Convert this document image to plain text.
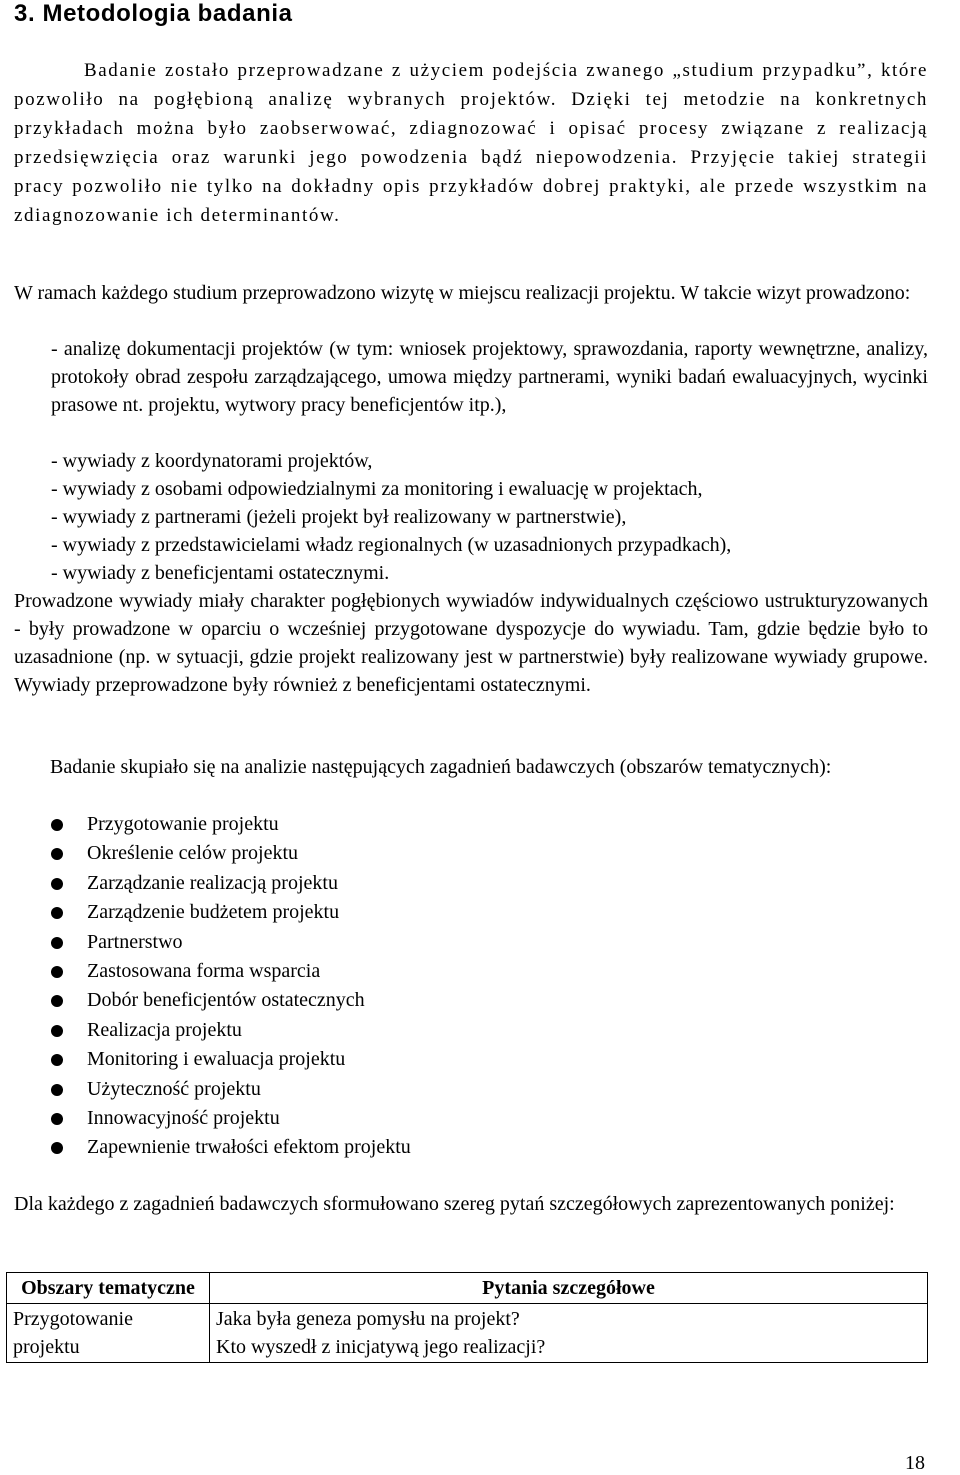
3. Metodologia badania
Badanie zostało przeprowadzane z użyciem podejścia zwanego „studium przypadku”, które pozwoliło na pogłębioną analizę wybranych projektów. Dzięki tej metodzie na konkretnych przykładach można było zaobserwować, zdiagnozować i opisać procesy związane z realizacją przedsięwzięcia oraz warunki jego powodzenia bądź niepowodzenia. Przyjęcie takiej strategii pracy pozwoliło nie tylko na dokładny opis przykładów dobrej praktyki, ale przede wszystkim na zdiagnozowanie ich determinantów.
W ramach każdego studium przeprowadzono wizytę w miejscu realizacji projektu. W takcie wizyt prowadzono:
- analizę dokumentacji projektów (w tym: wniosek projektowy, sprawozdania, raporty wewnętrzne, analizy, protokoły obrad zespołu zarządzającego, umowa między partnerami, wyniki badań ewaluacyjnych, wycinki prasowe nt. projektu, wytwory pracy beneficjentów itp.),
- wywiady z koordynatorami projektów,
- wywiady z osobami odpowiedzialnymi za monitoring i ewaluację w projektach,
- wywiady z partnerami (jeżeli projekt był realizowany w partnerstwie),
- wywiady z przedstawicielami władz regionalnych (w uzasadnionych przypadkach),
- wywiady z beneficjentami ostatecznymi.
Prowadzone wywiady miały charakter pogłębionych wywiadów indywidualnych częściowo ustrukturyzowanych - były prowadzone w oparciu o wcześniej przygotowane dyspozycje do wywiadu. Tam, gdzie będzie było to uzasadnione (np. w sytuacji, gdzie projekt realizowany jest w partnerstwie) były realizowane wywiady grupowe. Wywiady przeprowadzone były również z beneficjentami ostatecznymi.
Badanie skupiało się na analizie następujących zagadnień badawczych (obszarów tematycznych):
Przygotowanie projektu
Określenie celów projektu
Zarządzanie realizacją projektu
Zarządzenie budżetem projektu
Partnerstwo
Zastosowana forma wsparcia
Dobór beneficjentów ostatecznych
Realizacja projektu
Monitoring i ewaluacja projektu
Użyteczność projektu
Innowacyjność projektu
Zapewnienie trwałości efektom projektu
Dla każdego z zagadnień badawczych sformułowano szereg pytań szczegółowych zaprezentowanych poniżej:
Obszary tematyczne	Pytania szczegółowe
Przygotowanie projektu	Jaka była geneza pomysłu na projekt?
Kto wyszedł z inicjatywą jego realizacji?
18
